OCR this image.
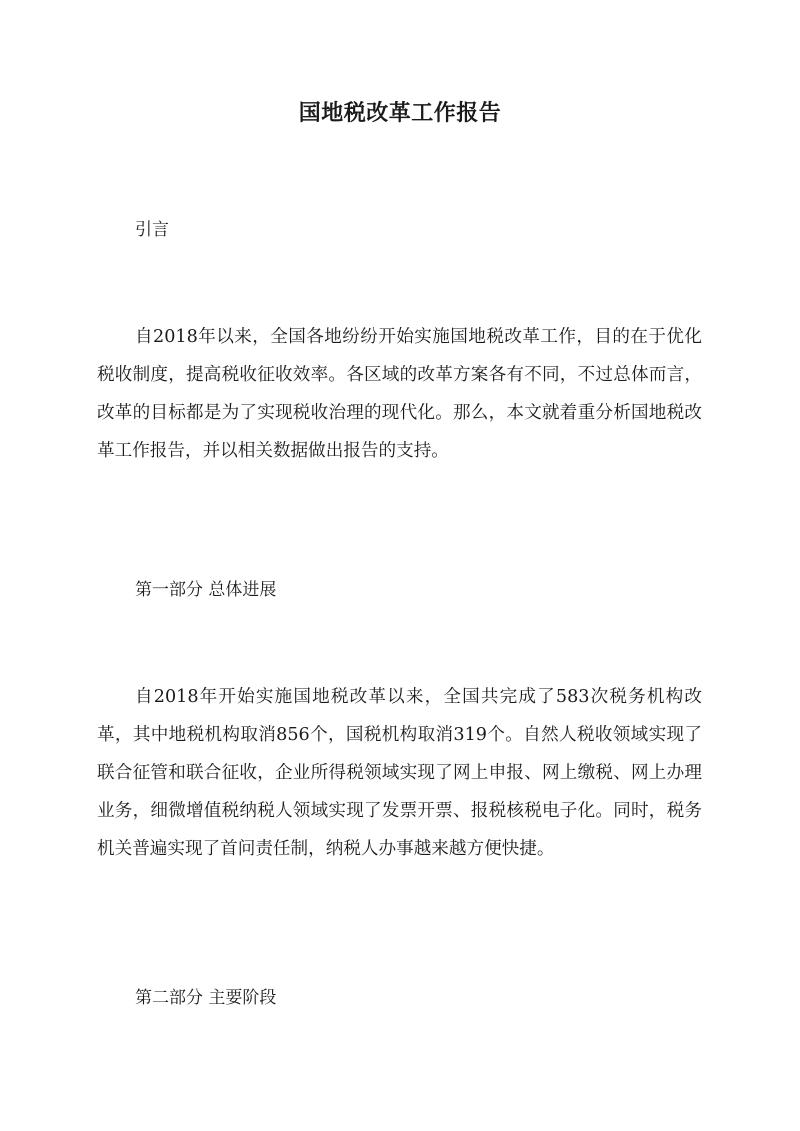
国地税改革工作报告
引言

自2018年以来，全国各地纷纷开始实施国地税改革工作，目的在于优化税收制度，提高税收征收效率。各区域的改革方案各有不同，不过总体而言，改革的目标都是为了实现税收治理的现代化。那么，本文就着重分析国地税改革工作报告，并以相关数据做出报告的支持。

第一部分 总体进展

自2018年开始实施国地税改革以来，全国共完成了583次税务机构改革，其中地税机构取消856个，国税机构取消319个。自然人税收领域实现了联合征管和联合征收，企业所得税领域实现了网上申报、网上缴税、网上办理业务，细微增值税纳税人领域实现了发票开票、报税核税电子化。同时，税务机关普遍实现了首问责任制，纳税人办事越来越方便快捷。

第二部分 主要阶段
